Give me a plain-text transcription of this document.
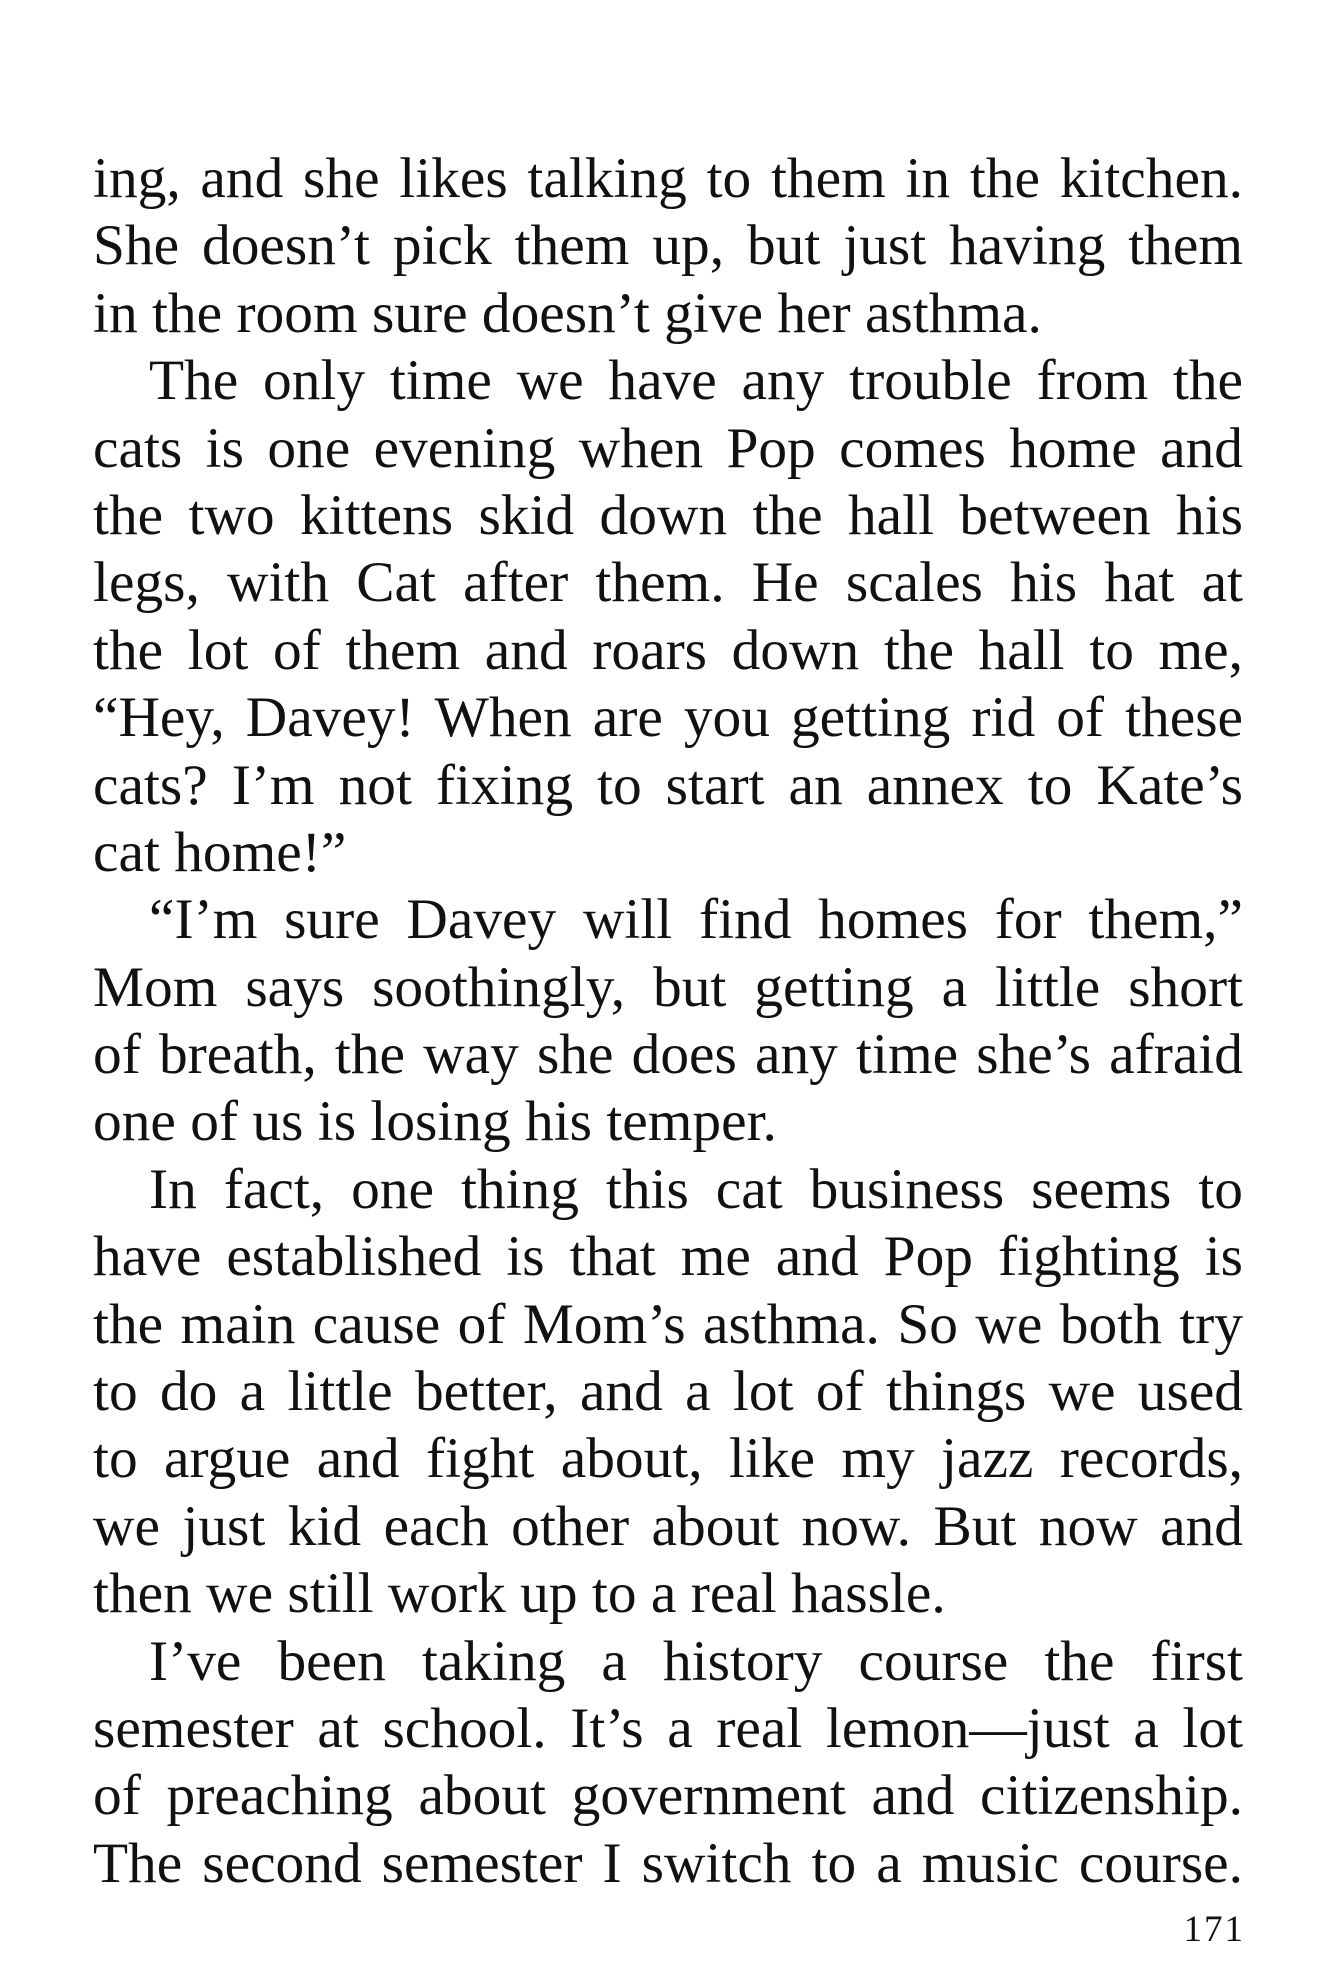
ing, and she likes talking to them in the kitchen.
She doesn’t pick them up, but just having them
in the room sure doesn’t give her asthma.
The only time we have any trouble from the
cats is one evening when Pop comes home and
the two kittens skid down the hall between his
legs, with Cat after them. He scales his hat at
the lot of them and roars down the hall to me,
“Hey, Davey! When are you getting rid of these
cats? I’m not fixing to start an annex to Kate’s
cat home!”
“I’m sure Davey will find homes for them,”
Mom says soothingly, but getting a little short
of breath, the way she does any time she’s afraid
one of us is losing his temper.
In fact, one thing this cat business seems to
have established is that me and Pop fighting is
the main cause of Mom’s asthma. So we both try
to do a little better, and a lot of things we used
to argue and fight about, like my jazz records,
we just kid each other about now. But now and
then we still work up to a real hassle.
I’ve been taking a history course the first
semester at school. It’s a real lemon—just a lot
of preaching about government and citizenship.
The second semester I switch to a music course.
171
